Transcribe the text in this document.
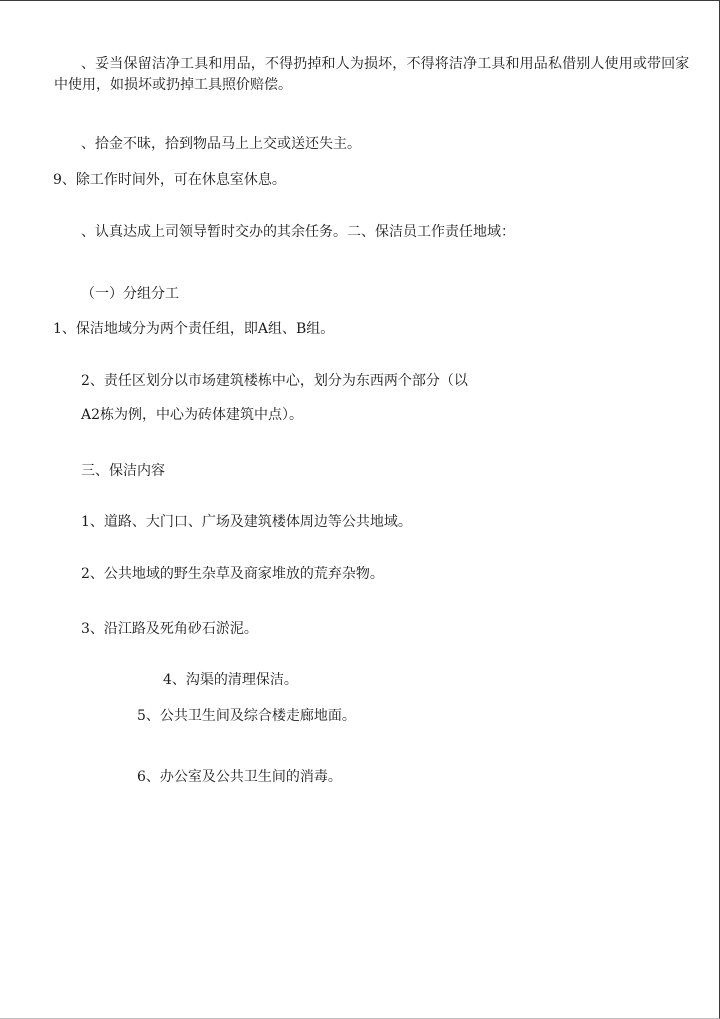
、妥当保留洁净工具和用品，不得扔掉和人为损坏，不得将洁净工具和用品私借别人使用或带回家

中使用，如损坏或扔掉工具照价赔偿。

、拾金不昧，拾到物品马上上交或送还失主。

9、除工作时间外，可在休息室休息。

、认真达成上司领导暂时交办的其余任务。二、保洁员工作责任地域：

（一）分组分工

1、保洁地域分为两个责任组，即A组、B组。

2、责任区划分以市场建筑楼栋中心，划分为东西两个部分（以

A2栋为例，中心为砖体建筑中点）。

三、保洁内容

1、道路、大门口、广场及建筑楼体周边等公共地域。

2、公共地域的野生杂草及商家堆放的荒弃杂物。

3、沿江路及死角砂石淤泥。

4、沟渠的清理保洁。

5、公共卫生间及综合楼走廊地面。

6、办公室及公共卫生间的消毒。
